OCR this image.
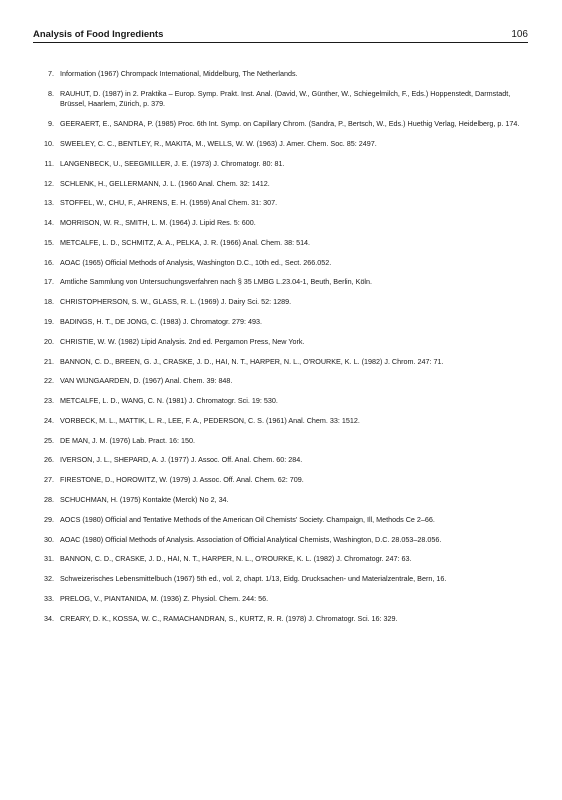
Analysis of Food Ingredients	106
7. Information (1967) Chrompack International, Middelburg, The Netherlands.
8. RAUHUT, D. (1987) in 2. Praktika – Europ. Symp. Prakt. Inst. Anal. (David, W., Günther, W., Schiegelmilch, F., Eds.) Hoppenstedt, Darmstadt, Brüssel, Haarlem, Zürich, p. 379.
9. GEERAERT, E., SANDRA, P. (1985) Proc. 6th Int. Symp. on Capillary Chrom. (Sandra, P., Bertsch, W., Eds.) Huethig Verlag, Heidelberg, p. 174.
10. SWEELEY, C. C., BENTLEY, R., MAKITA, M., WELLS, W. W. (1963) J. Amer. Chem. Soc. 85: 2497.
11. LANGENBECK, U., SEEGMILLER, J. E. (1973) J. Chromatogr. 80: 81.
12. SCHLENK, H., GELLERMANN, J. L. (1960 Anal. Chem. 32: 1412.
13. STOFFEL, W., CHU, F., AHRENS, E. H. (1959) Anal Chem. 31: 307.
14. MORRISON, W. R., SMITH, L. M. (1964) J. Lipid Res. 5: 600.
15. METCALFE, L. D., SCHMITZ, A. A., PELKA, J. R. (1966) Anal. Chem. 38: 514.
16. AOAC (1965) Official Methods of Analysis, Washington D.C., 10th ed., Sect. 266.052.
17. Amtliche Sammlung von Untersuchungsverfahren nach § 35 LMBG L.23.04-1, Beuth, Berlin, Köln.
18. CHRISTOPHERSON, S. W., GLASS, R. L. (1969) J. Dairy Sci. 52: 1289.
19. BADINGS, H. T., DE JONG, C. (1983) J. Chromatogr. 279: 493.
20. CHRISTIE, W. W. (1982) Lipid Analysis. 2nd ed. Pergamon Press, New York.
21. BANNON, C. D., BREEN, G. J., CRASKE, J. D., HAI, N. T., HARPER, N. L., O'ROURKE, K. L. (1982) J. Chrom. 247: 71.
22. VAN WIJNGAARDEN, D. (1967) Anal. Chem. 39: 848.
23. METCALFE, L. D., WANG, C. N. (1981) J. Chromatogr. Sci. 19: 530.
24. VORBECK, M. L., MATTIK, L. R., LEE, F. A., PEDERSON, C. S. (1961) Anal. Chem. 33: 1512.
25. DE MAN, J. M. (1976) Lab. Pract. 16: 150.
26. IVERSON, J. L., SHEPARD, A. J. (1977) J. Assoc. Off. Anal. Chem. 60: 284.
27. FIRESTONE, D., HOROWITZ, W. (1979) J. Assoc. Off. Anal. Chem. 62: 709.
28. SCHUCHMAN, H. (1975) Kontakte (Merck) No 2, 34.
29. AOCS (1980) Official and Tentative Methods of the American Oil Chemists' Society. Champaign, Ill, Methods Ce 2–66.
30. AOAC (1980) Official Methods of Analysis. Association of Official Analytical Chemists, Washington, D.C. 28.053–28.056.
31. BANNON, C. D., CRASKE, J. D., HAI, N. T., HARPER, N. L., O'ROURKE, K. L. (1982) J. Chromatogr. 247: 63.
32. Schweizerisches Lebensmittelbuch (1967) 5th ed., vol. 2, chapt. 1/13, Eidg. Drucksachen- und Materialzentrale, Bern, 16.
33. PRELOG, V., PIANTANIDA, M. (1936) Z. Physiol. Chem. 244: 56.
34. CREARY, D. K., KOSSA, W. C., RAMACHANDRAN, S., KURTZ, R. R. (1978) J. Chromatogr. Sci. 16: 329.
